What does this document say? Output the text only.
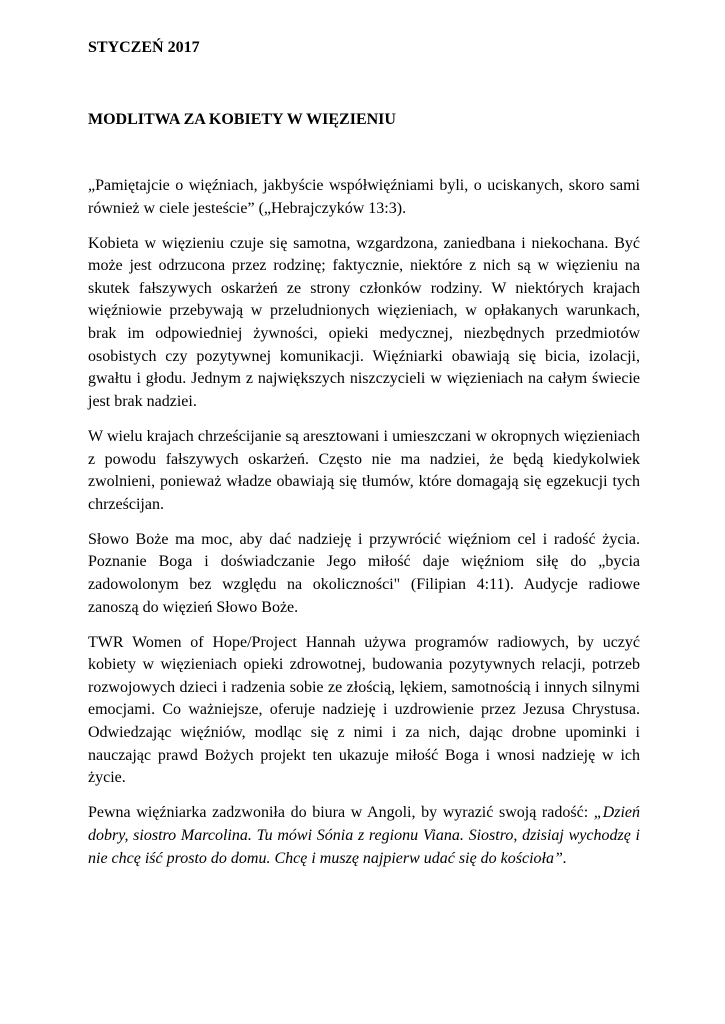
STYCZEŃ 2017
MODLITWA ZA KOBIETY W WIĘZIENIU

„Pamiętajcie o więźniach, jakbyście współwięźniami byli, o uciskanych, skoro sami również w ciele jesteście” („Hebrajczyków 13:3).

Kobieta w więzieniu czuje się samotna, wzgardzona, zaniedbana i niekochana. Być może jest odrzucona przez rodzinę; faktycznie, niektóre z nich są w więzieniu na skutek fałszywych oskarżeń ze strony członków rodziny. W niektórych krajach więźniowie przebywają w przeludnionych więzieniach, w opłakanych warunkach, brak im odpowiedniej żywności, opieki medycznej, niezbędnych przedmiotów osobistych czy pozytywnej komunikacji. Więźniarki obawiają się bicia, izolacji, gwałtu i głodu. Jednym z największych niszczycieli w więzieniach na całym świecie jest brak nadziei.

W wielu krajach chrześcijanie są aresztowani i umieszczani w okropnych więzieniach z powodu fałszywych oskarżeń. Często nie ma nadziei, że będą kiedykolwiek zwolnieni, ponieważ władze obawiają się tłumów, które domagają się egzekucji tych chrześcijan.

Słowo Boże ma moc, aby dać nadzieję i przywrócić więźniom cel i radość życia. Poznanie Boga i doświadczanie Jego miłość daje więźniom siłę do „bycia zadowolonym bez względu na okoliczności" (Filipian 4:11). Audycje radiowe zanoszą do więzień Słowo Boże.

TWR Women of Hope/Project Hannah używa programów radiowych, by uczyć kobiety w więzieniach opieki zdrowotnej, budowania pozytywnych relacji, potrzeb rozwojowych dzieci i radzenia sobie ze złością, lękiem, samotnością i innych silnymi emocjami. Co ważniejsze, oferuje nadzieję i uzdrowienie przez Jezusa Chrystusa. Odwiedzając więźniów, modląc się z nimi i za nich, dając drobne upominki i nauczając prawd Bożych projekt ten ukazuje miłość Boga i wnosi nadzieję w ich życie.

Pewna więźniarka zadzwoniła do biura w Angoli, by wyrazić swoją radość: „Dzień dobry, siostro Marcolina. Tu mówi Sónia z regionu Viana. Siostro, dzisiaj wychodzę i nie chcę iść prosto do domu. Chcę i muszę najpierw udać się do kościoła”.
